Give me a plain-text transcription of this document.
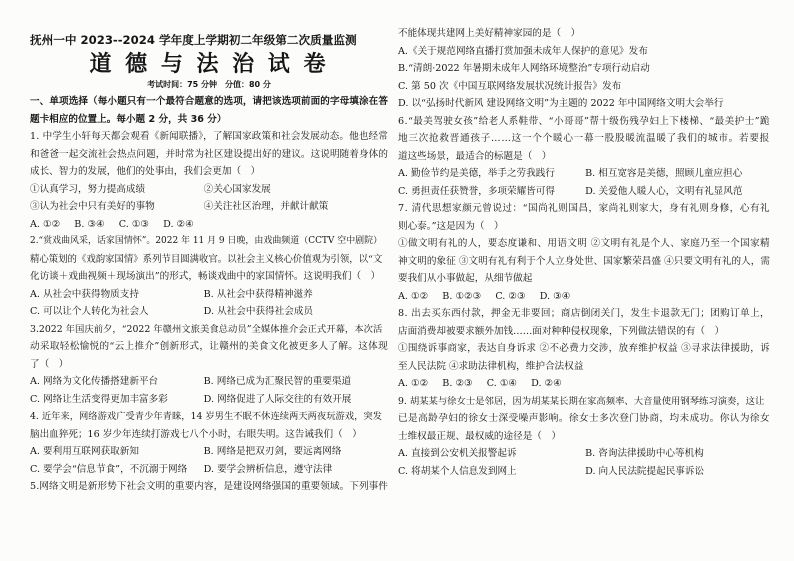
抚州一中 2023--2024 学年度上学期初二年级第二次质量监测
道 德 与 法 治 试 卷
考试时间：75 分钟　分值：80 分
一、单项选择（每小题只有一个最符合题意的选项，请把该选项前面的字母填涂在答
题卡相应的位置上。每小题 2 分，共 36 分）
1. 中学生小轩每天都会观看《新闻联播》，了解国家政策和社会发展动态。他也经常
和爸爸一起交流社会热点问题，并时常为社区建设提出好的建议。这说明随着身体的
成长、智力的发展，他们的处事由，我们会更加（　）
①认真学习，努力提高成绩	②关心国家发展
③认为社会中只有美好的事物	④关注社区治理，并献计献策
A. ①② B. ③④ C. ①③ D. ②④
2.“赏戏曲风采，话家国情怀”。2022 年 11 月 9 日晚，由戏曲频道（CCTV 空中剧院）
精心策划的《戏韵家国情》系列节目圆满收官。以社会主义核心价值观为引领，以“文
化访谈＋戏曲视频＋现场演出”的形式，畅谈戏曲中的家国情怀。这说明我们（　）
A. 从社会中获得物质支持	B. 从社会中获得精神滋养
C. 可以让个人转化为社会人	D. 从社会中获得社会成员
3.2022 年国庆前夕，“2022 年赣州文旅美食总动员”全媒体推介会正式开幕，本次活
动采取轻松愉悦的“云上推介”创新形式，让赣州的美食文化被更多人了解。这体现
了（　）
A. 网络为文化传播搭建新平台	B. 网络已成为汇聚民智的重要渠道
C. 网络让生活变得更加丰富多彩	D. 网络促进了人际交往的有效开展
4. 近年来，网络游戏广受青少年青睐，14 岁男生不眠不休连续两天两夜玩游戏，突发
脑出血猝死；16 岁少年连续打游戏七八个小时，右眼失明。这告诫我们（　）
A. 要利用互联网获取新知	B. 网络是把双刃剑，要远离网络
C. 要学会“信息节食”，不沉溺于网络	D. 要学会辨析信息，遵守法律
5.网络文明是新形势下社会文明的重要内容，是建设网络强国的重要领域。下列事件
不能体现共建网上美好精神家园的是（　）
A.《关于规范网络直播打赏加强未成年人保护的意见》发布
B.“清朗·2022 年暑期未成年人网络环境整治”专项行动启动
C. 第 50 次《中国互联网络发展状况统计报告》发布
D. 以“弘扬时代新风 建设网络文明”为主题的 2022 年中国网络文明大会举行
6.“最美驾驶女孩”给老人系鞋带、“小哥哥”帮十级伤残孕妇上下楼梯、“最美护士”跪
地三次抢救晋通孩子……这一个个暖心一幕一股股暖流温暖了我们的城市。若要报
道这些场景，最适合的标题是（　）
A. 勤俭节约是美德，举手之劳我践行	B. 相互宽容是美德，照顾儿童应担心
C. 勇担责任获赞誉，多项荣耀皆可得	D. 关爱他人暖人心，文明有礼显风范
7. 清代思想家颜元曾说过：“国尚礼则国昌，家尚礼则家大，身有礼则身修，心有礼
则心泰。”这是因为（　）
①做文明有礼的人，要态度谦和、用语文明 ②文明有礼是个人、家庭乃至一个国家精
神文明的象征 ③文明有礼有利于个人立身处世、国家繁荣昌盛 ④只要文明有礼的人，需
要我们从小事做起，从细节做起
A. ①② B. ①②③ C. ②③ D. ③④
8. 出去买东西付款，押金无非要回；商店倒闭关门，发生卡退款无门；团购订单上，
店面消费却被要求额外加钱……面对种种侵权现象，下列做法错误的有（　）
①围绕诉事商家，表达自身诉求 ②不必费力交涉，放弃维护权益 ③寻求法律援助，诉
至人民法院 ④求助法律机构，维护合法权益
A. ①② B. ②③ C. ①④ D. ②④
9. 胡某某与徐女士是邻居，因为胡某某长期在家高频率、大音量使用钢琴练习演奏，这让
已是高龄孕妇的徐女士深受噪声影响。徐女士多次登门协商，均未成功。你认为徐女
士维权最正规、最权威的途径是（　）
A. 直接到公安机关报警起诉	B. 咨询法律援助中心等机构
C. 将胡某个人信息发到网上	D. 向人民法院提起民事诉讼
